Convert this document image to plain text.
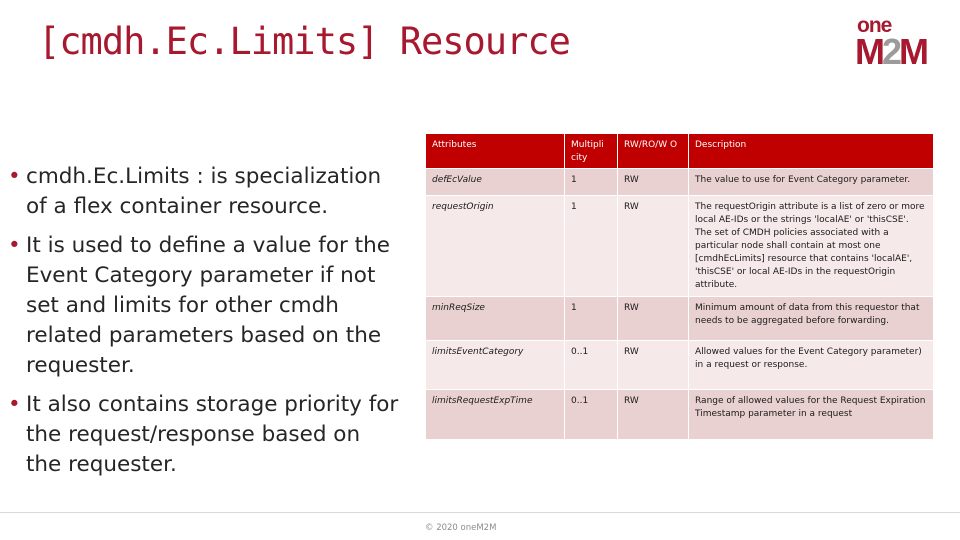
[cmdh.Ec.Limits] Resource	one
M2M
• cmdh.Ec.Limits : is specialization of a flex container resource.
• It is used to define a value for the Event Category parameter if not set and limits for other cmdh related parameters based on the requester.
• It also contains storage priority for the request/response based on the requester.
Attributes	Multipli city	RW/RO/W O	Description
defEcValue	1	RW	The value to use for Event Category parameter.
requestOrigin	1	RW	The requestOrigin attribute is a list of zero or more local AE-IDs or the strings 'localAE' or 'thisCSE'. The set of CMDH policies associated with a particular node shall contain at most one [cmdhEcLimits] resource that contains 'localAE', 'thisCSE' or local AE-IDs in the requestOrigin attribute.
minReqSize	1	RW	Minimum amount of data from this requestor that needs to be aggregated before forwarding.
limitsEventCategory	0..1	RW	Allowed values for the Event Category parameter) in a request or response.
limitsRequestExpTime	0..1	RW	Range of allowed values for the Request Expiration Timestamp parameter in a request
© 2020 oneM2M
